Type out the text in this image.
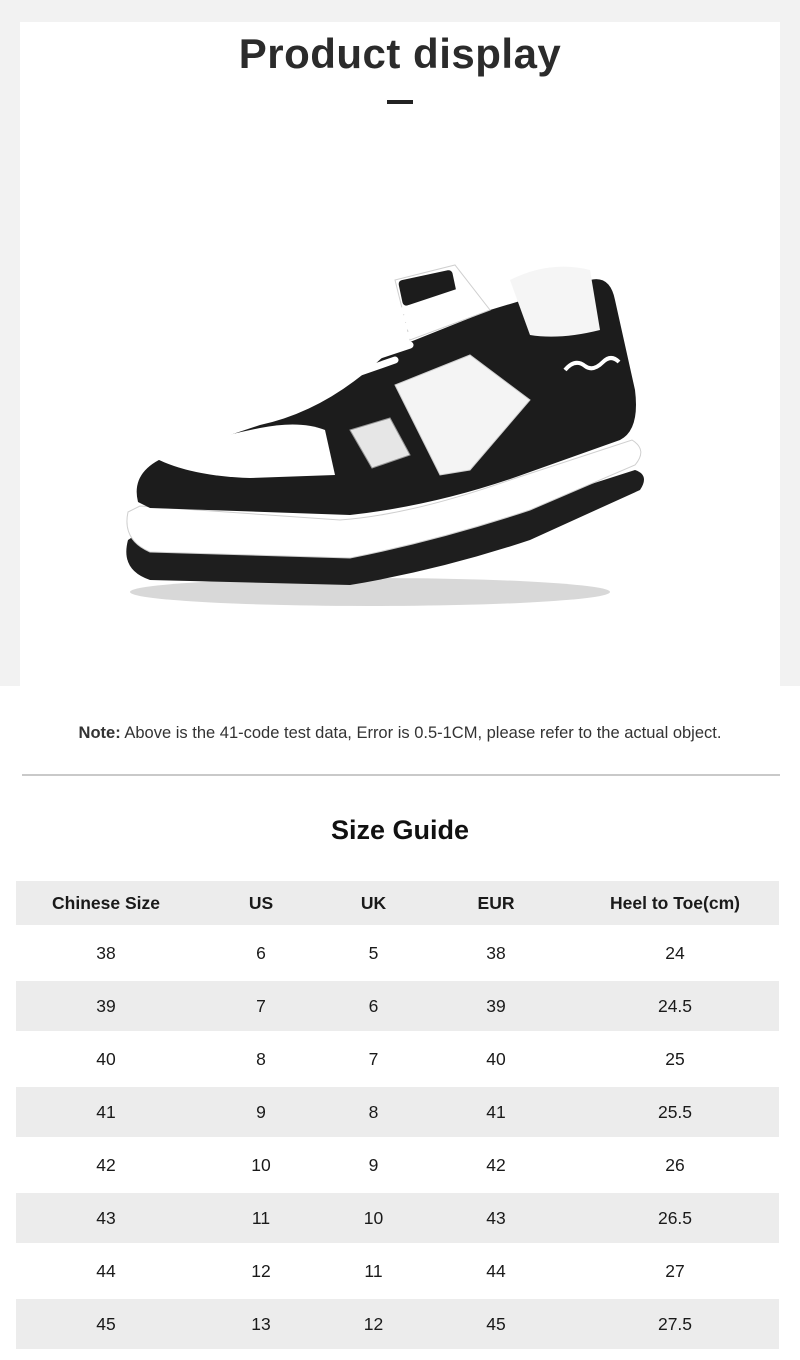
Product display
Note: Above is the 41-code test data, Error is 0.5-1CM, please refer to the actual object.
Size Guide
Chinese Size	US	UK	EUR	Heel to Toe(cm)
38	6	5	38	24
39	7	6	39	24.5
40	8	7	40	25
41	9	8	41	25.5
42	10	9	42	26
43	11	10	43	26.5
44	12	11	44	27
45	13	12	45	27.5
